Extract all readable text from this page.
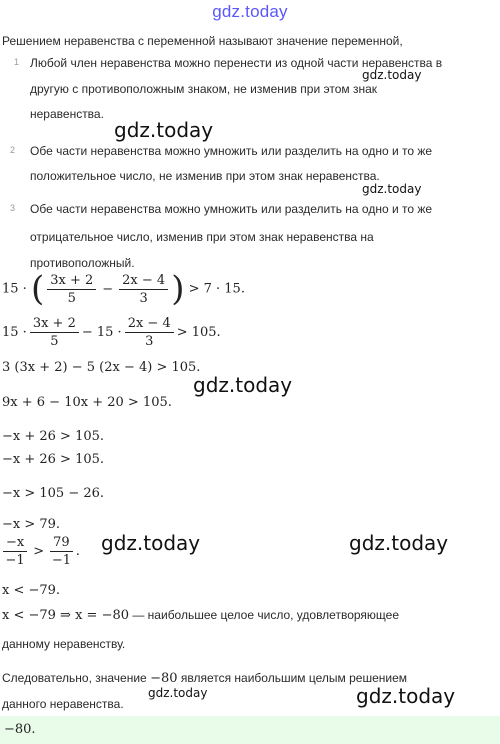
gdz.today
Решением неравенства с переменной называют значение переменной,
1 Любой член неравенства можно перенести из одной части неравенства в
другую с противоположным знаком, не изменив при этом знак
неравенства.
2 Обе части неравенства можно умножить или разделить на одно и то же
положительное число, не изменив при этом знак неравенства.
3 Обе части неравенства можно умножить или разделить на одно и то же
отрицательное число, изменив при этом знак неравенства на
противоположный.
15 · ( $\frac{3x + 2}{5} - \frac{2x - 4}{3}$ ) > 7 · 15.
$15 \cdot \frac{3x + 2}{5} - 15 \cdot \frac{2x - 4}{3} > 105$.
3 (3x + 2) − 5 (2x − 4) > 105.
9x + 6 − 10x + 20 > 105.
−x + 26 > 105.
−x + 26 > 105.
−x > 105 − 26.
−x > 79.
$\frac{-x}{-1} > \frac{79}{-1}$ .
x < −79.
x < −79 ⇒ x = −80 — наибольшее целое число, удовлетворяющее
данному неравенству.
Следовательно, значение −80 является наибольшим целым решением
данного неравенства.
−80.
gdz.today
gdz.today
gdz.today
gdz.today
gdz.today	gdz.today
gdz.today	gdz.today
